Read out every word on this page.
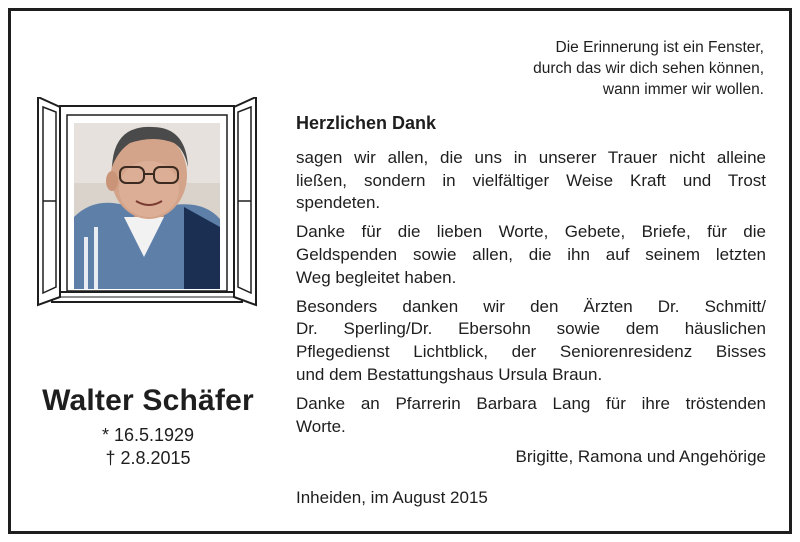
Die Erinnerung ist ein Fenster,
durch das wir dich sehen können,
wann immer wir wollen.
Walter Schäfer
* 16.5.1929
† 2.8.2015
Herzlichen Dank
sagen wir allen, die uns in unserer Trauer nicht alleine
ließen, sondern in vielfältiger Weise Kraft und Trost
spendeten.
Danke für die lieben Worte, Gebete, Briefe, für die
Geldspenden sowie allen, die ihn auf seinem letzten
Weg begleitet haben.
Besonders danken wir den Ärzten Dr. Schmitt/
Dr. Sperling/Dr. Ebersohn sowie dem häuslichen
Pflegedienst Lichtblick, der Seniorenresidenz Bisses
und dem Bestattungshaus Ursula Braun.
Danke an Pfarrerin Barbara Lang für ihre tröstenden
Worte.
Brigitte, Ramona und Angehörige
Inheiden, im August 2015
